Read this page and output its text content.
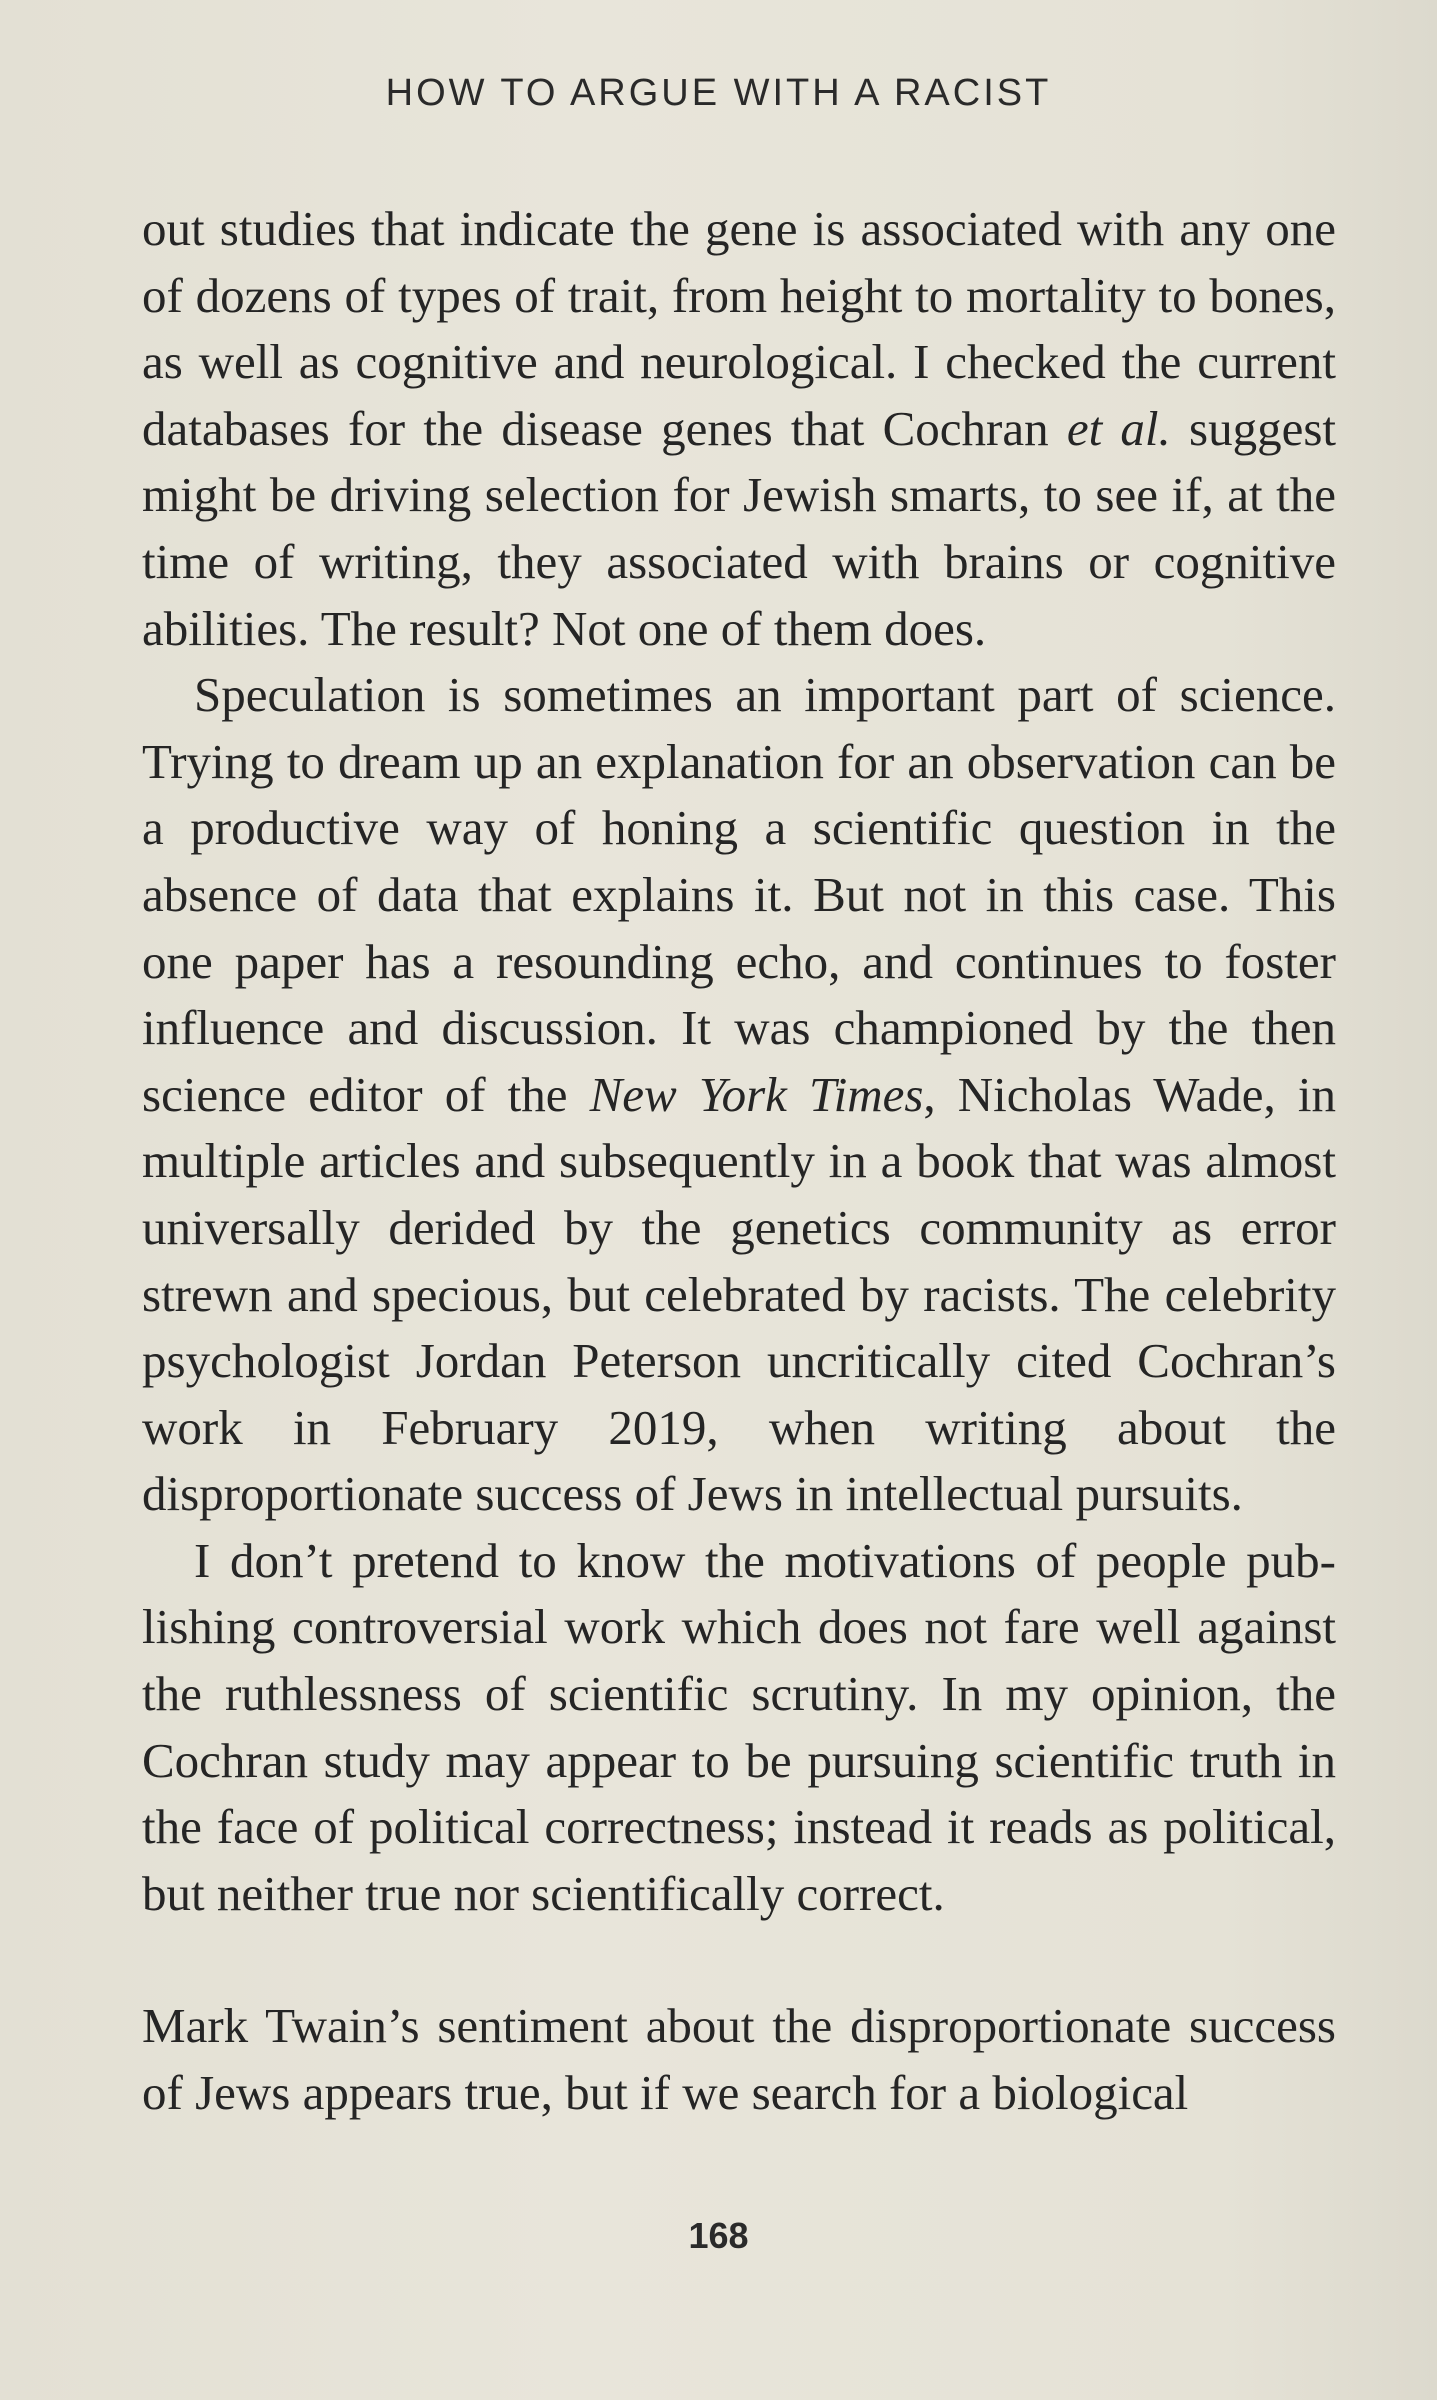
HOW TO ARGUE WITH A RACIST

out studies that indicate the gene is associated with any one of dozens of types of trait, from height to mortality to bones, as well as cognitive and neurological. I checked the current databases for the disease genes that Cochran et al. suggest might be driving selection for Jewish smarts, to see if, at the time of writing, they associated with brains or cognitive abilities. The result? Not one of them does.

Speculation is sometimes an important part of science. Trying to dream up an explanation for an observation can be a productive way of honing a scientific question in the absence of data that explains it. But not in this case. This one paper has a resounding echo, and continues to foster influence and discussion. It was championed by the then science editor of the New York Times, Nicholas Wade, in multiple articles and subsequently in a book that was almost universally derided by the genetics community as error strewn and specious, but celebrated by racists. The celebrity psychologist Jordan Peterson uncritically cited Cochran’s work in February 2019, when writing about the disproportionate success of Jews in intellectual pursuits.

I don’t pretend to know the motivations of people publishing controversial work which does not fare well against the ruthlessness of scientific scrutiny. In my opinion, the Cochran study may appear to be pursuing scientific truth in the face of political correctness; instead it reads as political, but neither true nor scientifically correct.

Mark Twain’s sentiment about the disproportionate success of Jews appears true, but if we search for a biological

168
